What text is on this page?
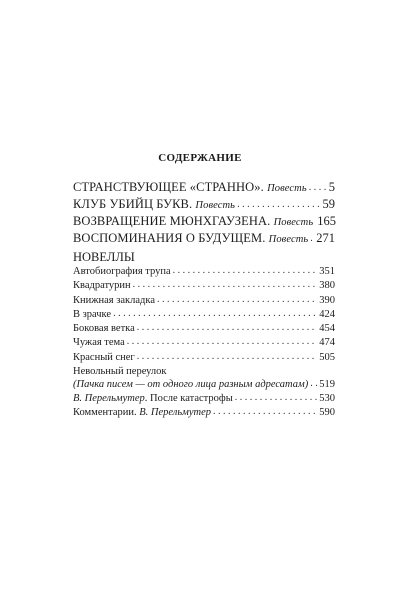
СОДЕРЖАНИЕ
СТРАНСТВУЮЩЕЕ «СТРАННО». Повесть . . . 5
КЛУБ УБИЙЦ БУКВ. Повесть . . .	59
ВОЗВРАЩЕНИЕ МЮНХГАУЗЕНА. Повесть 165
ВОСПОМИНАНИЯ О БУДУЩЕМ. Повесть . . . 271
НОВЕЛЛЫ
Автобиография трупа . . .	351
Квадратурин . . .	380
Книжная закладка . . .	390
В зрачке . . .	424
Боковая ветка . . .	454
Чужая тема . . .	474
Красный снег . . .	505
Невольный переулок
(Пачка писем — от одного лица разным адресатам) . . . 519
В. Перельмутер. После катастрофы . . .	530
Комментарии. В. Перельмутер . . .	590
